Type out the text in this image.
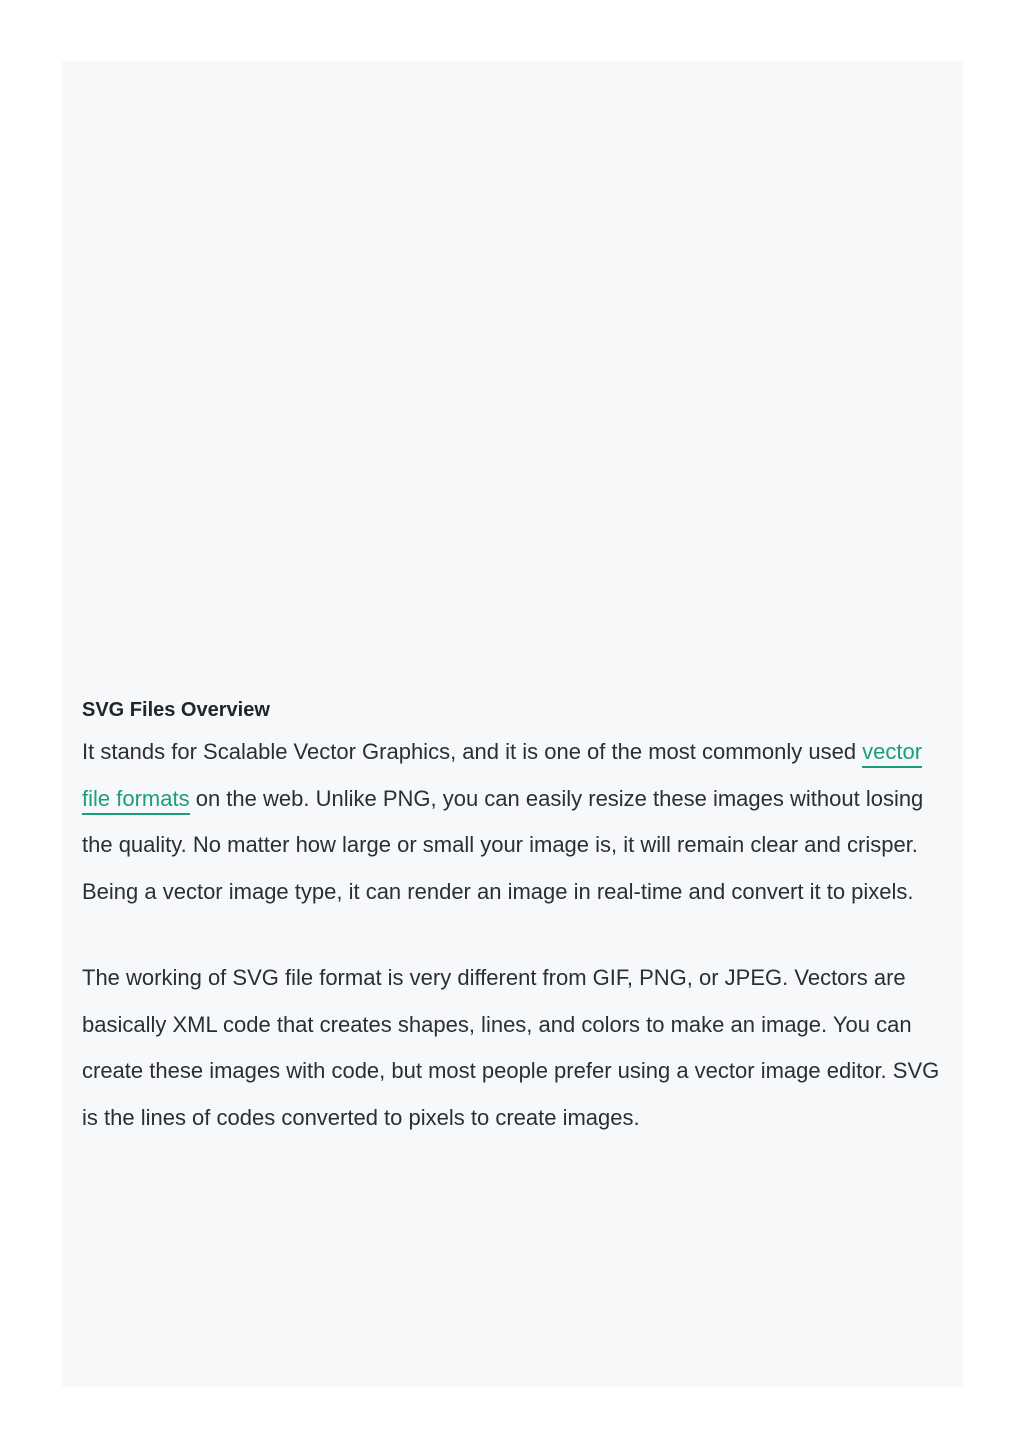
SVG Files Overview

It stands for Scalable Vector Graphics, and it is one of the most commonly used vector file formats on the web. Unlike PNG, you can easily resize these images without losing the quality. No matter how large or small your image is, it will remain clear and crisper. Being a vector image type, it can render an image in real-time and convert it to pixels.

The working of SVG file format is very different from GIF, PNG, or JPEG. Vectors are basically XML code that creates shapes, lines, and colors to make an image. You can create these images with code, but most people prefer using a vector image editor. SVG is the lines of codes converted to pixels to create images.
